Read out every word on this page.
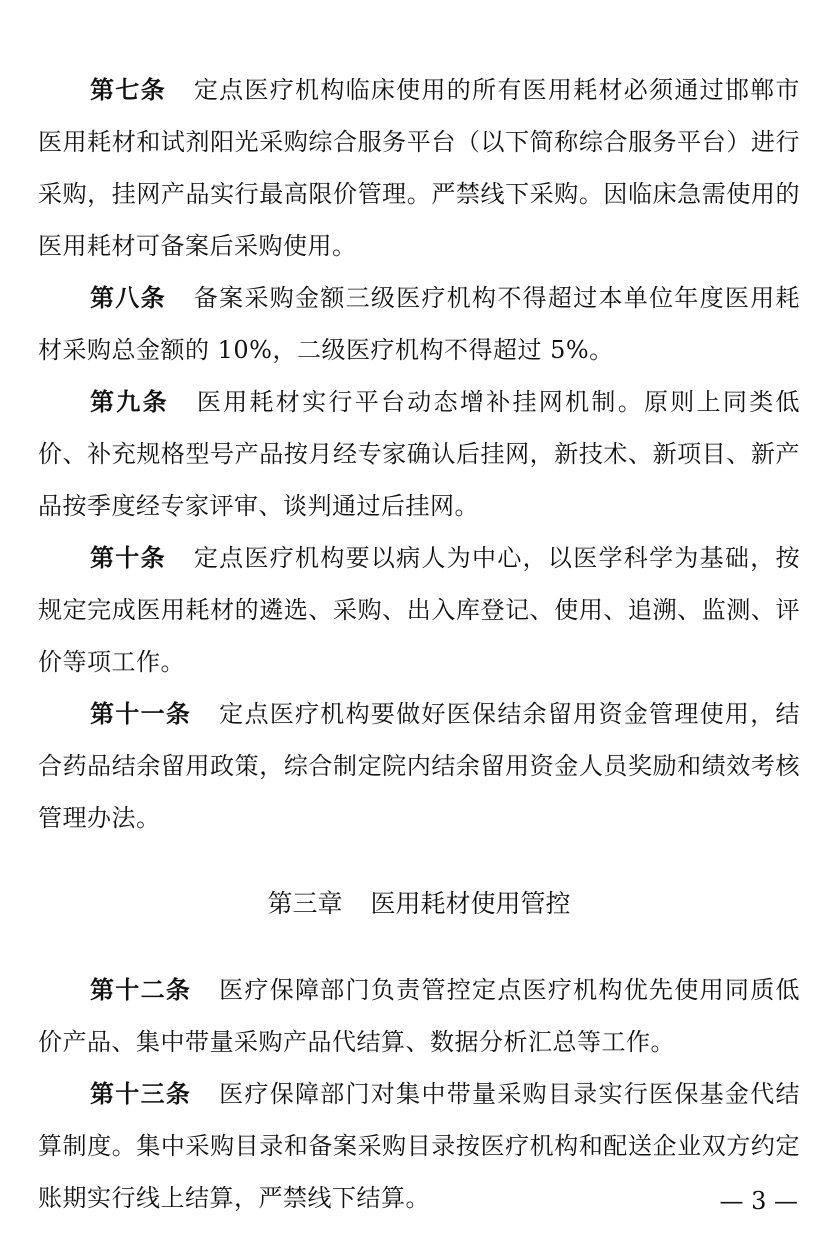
第七条 定点医疗机构临床使用的所有医用耗材必须通过邯郸市医用耗材和试剂阳光采购综合服务平台（以下简称综合服务平台）进行采购，挂网产品实行最高限价管理。严禁线下采购。因临床急需使用的医用耗材可备案后采购使用。

第八条 备案采购金额三级医疗机构不得超过本单位年度医用耗材采购总金额的 10%，二级医疗机构不得超过 5%。

第九条 医用耗材实行平台动态增补挂网机制。原则上同类低价、补充规格型号产品按月经专家确认后挂网，新技术、新项目、新产品按季度经专家评审、谈判通过后挂网。

第十条 定点医疗机构要以病人为中心，以医学科学为基础，按规定完成医用耗材的遴选、采购、出入库登记、使用、追溯、监测、评价等项工作。

第十一条 定点医疗机构要做好医保结余留用资金管理使用，结合药品结余留用政策，综合制定院内结余留用资金人员奖励和绩效考核管理办法。

第三章 医用耗材使用管控

第十二条 医疗保障部门负责管控定点医疗机构优先使用同质低价产品、集中带量采购产品代结算、数据分析汇总等工作。

第十三条 医疗保障部门对集中带量采购目录实行医保基金代结算制度。集中采购目录和备案采购目录按医疗机构和配送企业双方约定账期实行线上结算，严禁线下结算。	— 3 —
